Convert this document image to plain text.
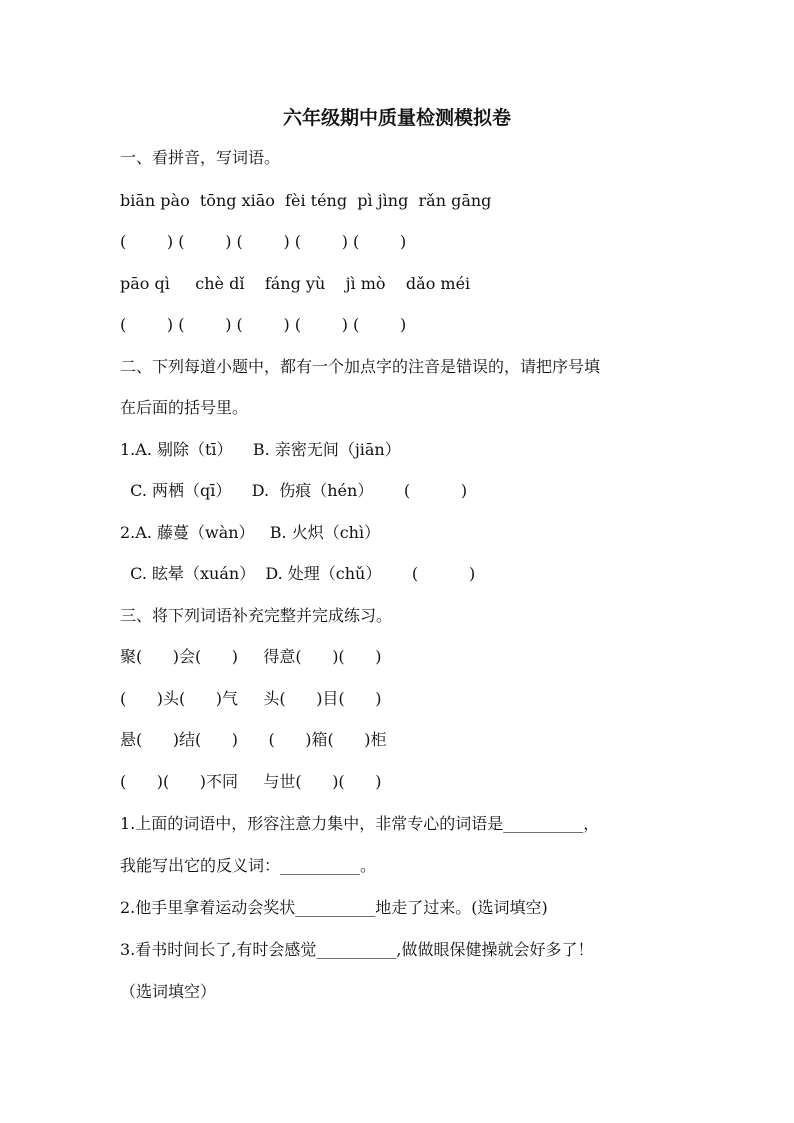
六年级期中质量检测模拟卷
一、看拼音，写词语。
biān pào  tōng xiāo  fèi téng  pì jìng  rǎn gāng
(        ) (        ) (        ) (        ) (        )
pāo qì     chè dǐ    fáng yù    jì mò    dǎo méi
(        ) (        ) (        ) (        ) (        )
二、下列每道小题中，都有一个加点字的注音是错误的，请把序号填
在后面的括号里。
1.A. 剔除（tī）    B. 亲密无间（jiān）
C. 两栖（qī）    D.  伤痕（hén）      (          )
2.A. 藤蔓（wàn）   B. 火炽（chì）
C. 眩晕（xuán）  D. 处理（chǔ）      (          )
三、将下列词语补充完整并完成练习。
聚(      )会(      )     得意(      )(      )
(      )头(      )气     头(      )目(      )
悬(      )结(      )      (      )箱(      )柜
(      )(      )不同     与世(      )(      )
1.上面的词语中，形容注意力集中，非常专心的词语是__________，
我能写出它的反义词：__________。
2.他手里拿着运动会奖状__________地走了过来。(选词填空)
3.看书时间长了,有时会感觉__________,做做眼保健操就会好多了！
（选词填空）
